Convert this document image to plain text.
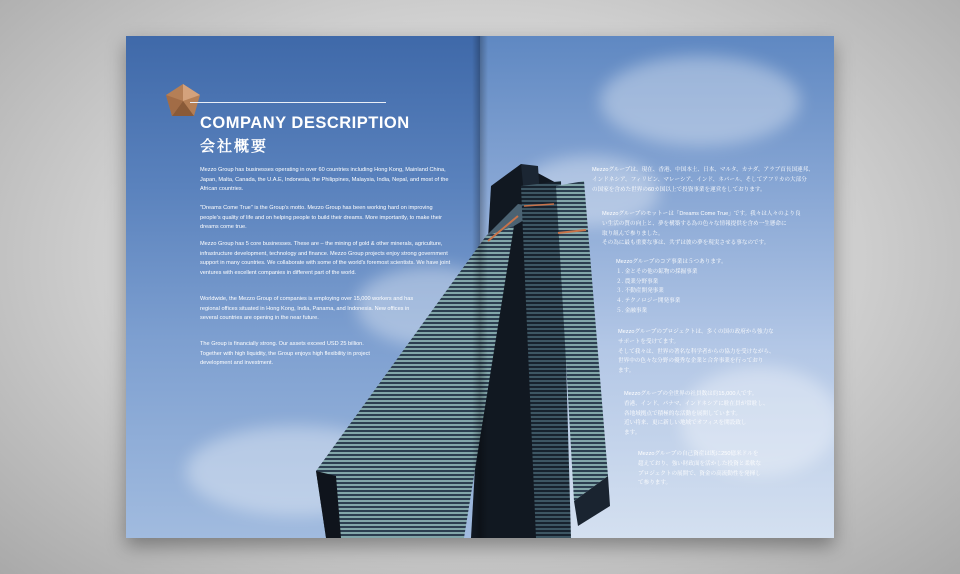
COMPANY DESCRIPTION
会社概要

Mezzo Group has businesses operating in over 60 countries including Hong Kong, Mainland China, Japan, Malta, Canada, the U.A.E, Indonesia, the Philippines, Malaysia, India, Nepal, and most of the African countries.

"Dreams Come True" is the Group's motto. Mezzo Group has been working hard on improving people's quality of life and on helping people to build their dreams. More importantly, to make their dreams come true.

Mezzo Group has 5 core businesses. These are – the mining of gold & other minerals, agriculture, infrastructure development, technology and finance. Mezzo Group projects enjoy strong government support in many countries. We collaborate with some of the world's foremost scientists. We have joint ventures with excellent companies in different part of the world.

Worldwide, the Mezzo Group of companies is employing over 15,000 workers and has regional offices situated in Hong Kong, India, Panama, and Indonesia. New offices in several countries are opening in the near future.

The Group is financially strong. Our assets exceed USD 25 billion. Together with high liquidity, the Group enjoys high flexibility in project development and investment.

Mezzoグループは、現在、香港、中国本土、日本、マルタ、カナダ、アラブ首長国連邦、
インドネシア、フィリピン、マレーシア、インド、ネパール、そしてアフリカの大部分
の国家を含めた世界の60カ国以上で投資事業を運営をしております。
Mezzoグループのモットーは「Dreams Come True」です。我々は人々のより良
い生活の質の向上と、夢を構築する為の色々な情報提供を含め一生懸命に
取り組んで参りました。
その為に最も重要な事は、共ずは彼の夢を現実させる事なのです。
Mezzoグループのコア事業は５つあります。
１. 金とその他の鉱物の採掘事業
２. 農業分野事業
３. 不動産開発事業
４. テクノロジー開発事業
５. 金融事業
Mezzoグループのプロジェクトは、多くの国の政府から強力な
サポートを受けてます。
そして我々は、世界の著名な科学者からの協力を受けながら、
世界中の色々な分野の優秀な企業と合弁事業を行っており
ます。
Mezzoグループの全世界の社員数は約15,000人です。
香港、インド、パナマ、インドネシアに駐在員が常駐し、
各地域拠点で積極的な活動を展開しています。
近い将来、更に新しい地域でオフィスを開設致し
ます。
Mezzoグループの自己資産は既に250億米ドルを
超えており、強い財政面を活かした投資と柔軟な
プロジェクトの展開で、資金の高流動性を発揮し
て参ります。
